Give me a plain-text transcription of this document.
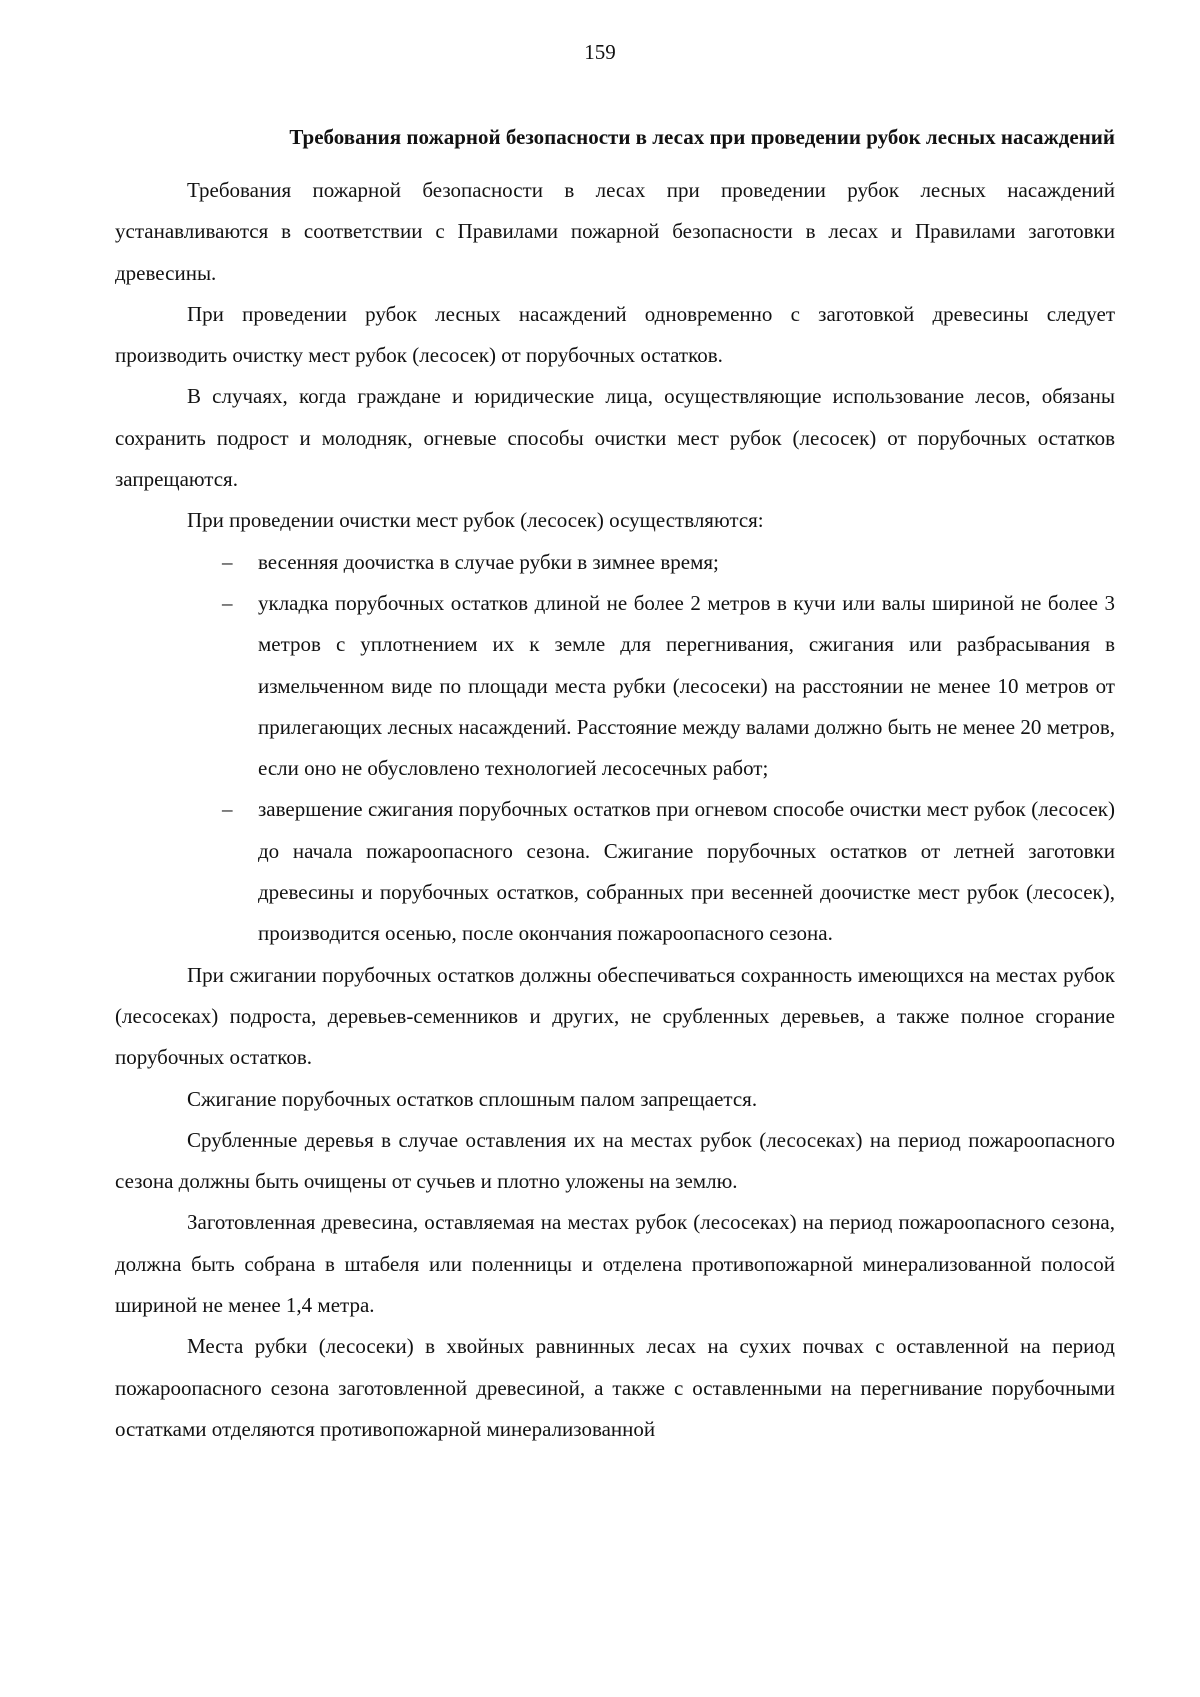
159
Требования пожарной безопасности в лесах при проведении рубок лесных насаждений

Требования пожарной безопасности в лесах при проведении рубок лесных насаждений устанавливаются в соответствии с Правилами пожарной безопасности в лесах и Правилами заготовки древесины.

При проведении рубок лесных насаждений одновременно с заготовкой древесины следует производить очистку мест рубок (лесосек) от порубочных остатков.

В случаях, когда граждане и юридические лица, осуществляющие использование лесов, обязаны сохранить подрост и молодняк, огневые способы очистки мест рубок (лесосек) от порубочных остатков запрещаются.

При проведении очистки мест рубок (лесосек) осуществляются:

– весенняя доочистка в случае рубки в зимнее время;
– укладка порубочных остатков длиной не более 2 метров в кучи или валы шириной не более 3 метров с уплотнением их к земле для перегнивания, сжигания или разбрасывания в измельченном виде по площади места рубки (лесосеки) на расстоянии не менее 10 метров от прилегающих лесных насаждений. Расстояние между валами должно быть не менее 20 метров, если оно не обусловлено технологией лесосечных работ;
– завершение сжигания порубочных остатков при огневом способе очистки мест рубок (лесосек) до начала пожароопасного сезона. Сжигание порубочных остатков от летней заготовки древесины и порубочных остатков, собранных при весенней доочистке мест рубок (лесосек), производится осенью, после окончания пожароопасного сезона.

При сжигании порубочных остатков должны обеспечиваться сохранность имеющихся на местах рубок (лесосеках) подроста, деревьев-семенников и других, не срубленных деревьев, а также полное сгорание порубочных остатков.

Сжигание порубочных остатков сплошным палом запрещается.

Срубленные деревья в случае оставления их на местах рубок (лесосеках) на период пожароопасного сезона должны быть очищены от сучьев и плотно уложены на землю.

Заготовленная древесина, оставляемая на местах рубок (лесосеках) на период пожароопасного сезона, должна быть собрана в штабеля или поленницы и отделена противопожарной минерализованной полосой шириной не менее 1,4 метра.

Места рубки (лесосеки) в хвойных равнинных лесах на сухих почвах с оставленной на период пожароопасного сезона заготовленной древесиной, а также с оставленными на перегнивание порубочными остатками отделяются противопожарной минерализованной
